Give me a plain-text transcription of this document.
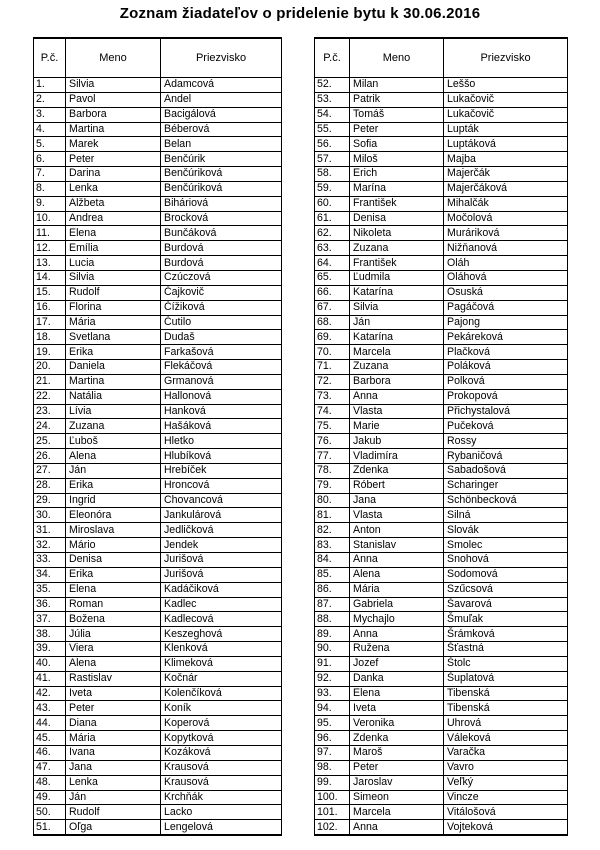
Zoznam žiadateľov o pridelenie bytu k 30.06.2016
P.č.	Meno	Priezvisko
1.	Silvia	Adamcová
2.	Pavol	Andel
3.	Barbora	Bacigálová
4.	Martina	Béberová
5.	Marek	Belan
6.	Peter	Benčúrik
7.	Darina	Benčúriková
8.	Lenka	Benčúriková
9.	Alžbeta	Biháriová
10.	Andrea	Brocková
11.	Elena	Bunčáková
12.	Emília	Burdová
13.	Lucia	Burdová
14.	Silvia	Czúczová
15.	Rudolf	Čajkovič
16.	Florina	Čížiková
17.	Mária	Čutilo
18.	Svetlana	Dudaš
19.	Erika	Farkašová
20.	Daniela	Flekáčová
21.	Martina	Grmanová
22.	Natália	Hallonová
23.	Lívia	Hanková
24.	Zuzana	Hašáková
25.	Ľuboš	Hletko
26.	Alena	Hlubíková
27.	Ján	Hrebíček
28.	Erika	Hroncová
29.	Ingrid	Chovancová
30.	Eleonóra	Jankulárová
31.	Miroslava	Jedličková
32.	Mário	Jendek
33.	Denisa	Jurišová
34.	Erika	Jurišová
35.	Elena	Kadáčiková
36.	Roman	Kadlec
37.	Božena	Kadlecová
38.	Júlia	Keszeghová
39.	Viera	Klenková
40.	Alena	Klimeková
41.	Rastislav	Kočnár
42.	Iveta	Kolenčíková
43.	Peter	Koník
44.	Diana	Koperová
45.	Mária	Kopytková
46.	Ivana	Kozáková
47.	Jana	Krausová
48.	Lenka	Krausová
49.	Ján	Krchňák
50.	Rudolf	Lacko
51.	Oľga	Lengelová
P.č.	Meno	Priezvisko
52.	Milan	Leššo
53.	Patrik	Lukačovič
54.	Tomáš	Lukačovič
55.	Peter	Lupták
56.	Sofia	Luptáková
57.	Miloš	Majba
58.	Erich	Majerčák
59.	Marína	Majerčáková
60.	František	Mihalčák
61.	Denisa	Močolová
62.	Nikoleta	Muráriková
63.	Zuzana	Nižňanová
64.	František	Oláh
65.	Ľudmila	Oláhová
66.	Katarína	Osuská
67.	Silvia	Pagáčová
68.	Ján	Pajong
69.	Katarína	Pekáreková
70.	Marcela	Plačková
71.	Zuzana	Poláková
72.	Barbora	Polková
73.	Anna	Prokopová
74.	Vlasta	Přichystalová
75.	Marie	Pučeková
76.	Jakub	Rossy
77.	Vladimíra	Rybaničová
78.	Zdenka	Sabadošová
79.	Róbert	Scharinger
80.	Jana	Schönbecková
81.	Vlasta	Silná
82.	Anton	Slovák
83.	Stanislav	Smolec
84.	Anna	Snohová
85.	Alena	Sodomová
86.	Mária	Szűcsová
87.	Gabriela	Šavarová
88.	Mychajlo	Šmuľak
89.	Anna	Šrámková
90.	Ružena	Šťastná
91.	Jozef	Štolc
92.	Danka	Šuplatová
93.	Elena	Tibenská
94.	Iveta	Tibenská
95.	Veronika	Uhrová
96.	Zdenka	Váleková
97.	Maroš	Varačka
98.	Peter	Vavro
99.	Jaroslav	Veľký
100.	Simeon	Vincze
101.	Marcela	Vitálošová
102.	Anna	Vojteková
